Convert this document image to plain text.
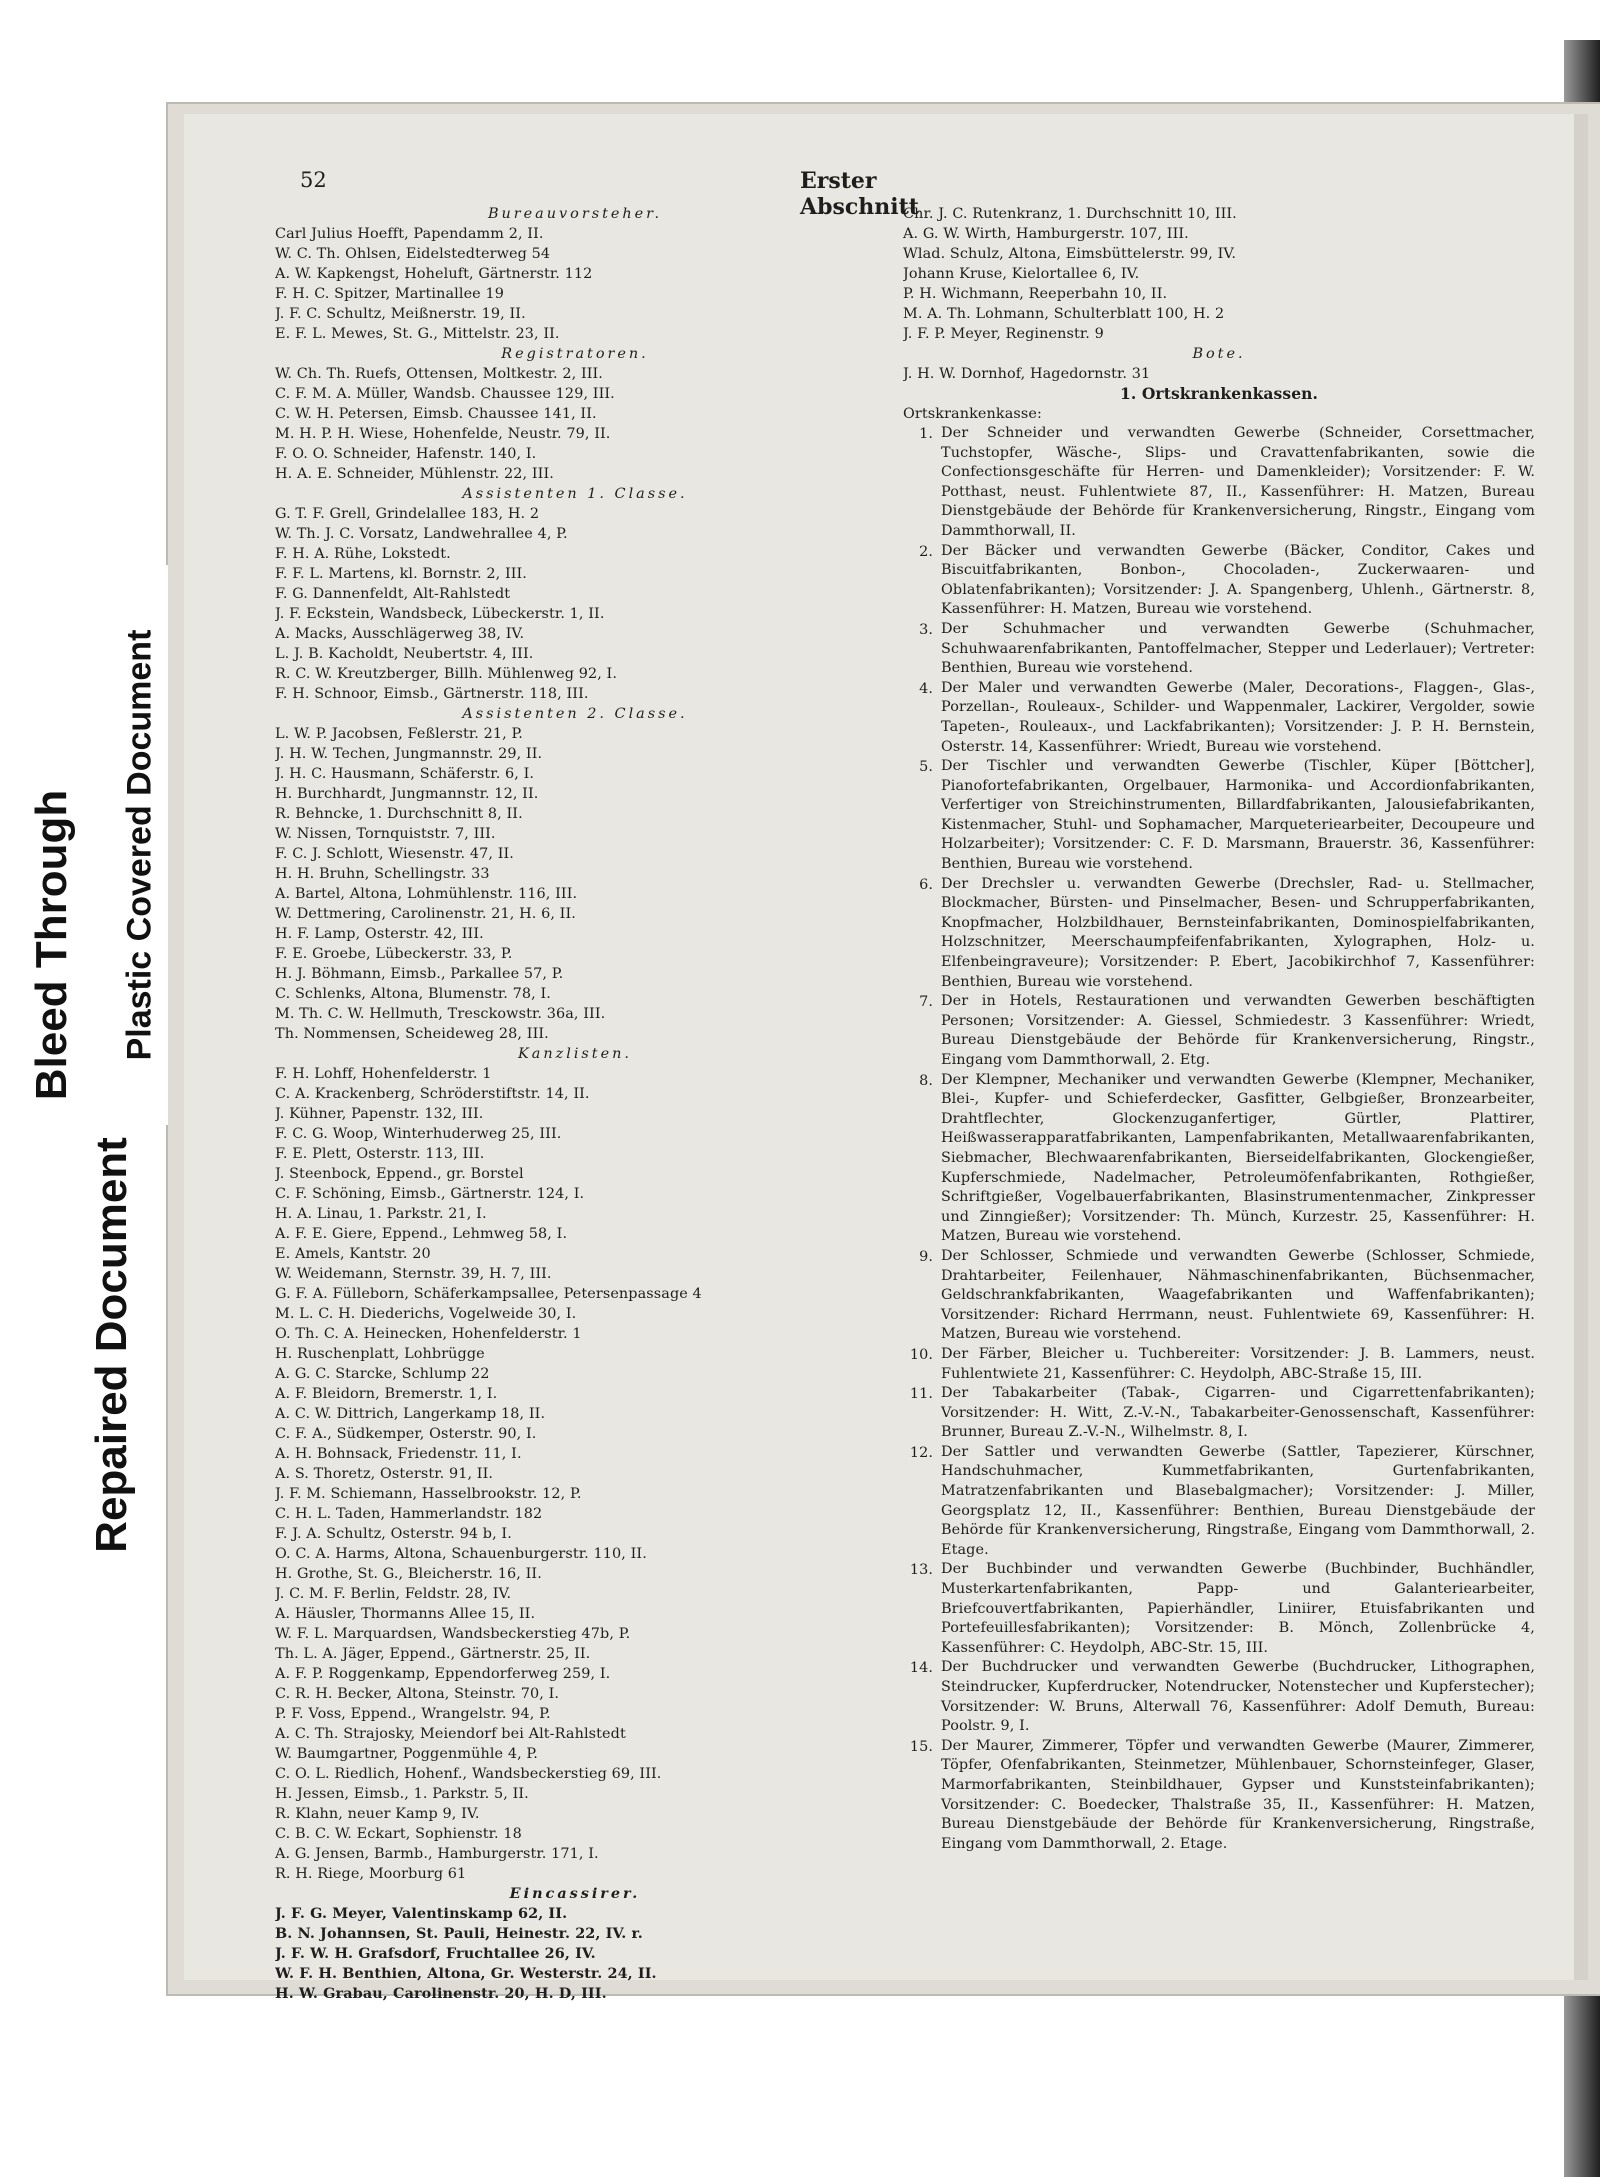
Bleed Through
Repaired Document
Plastic Covered Document
52	Erster Abschnitt
Bureauvorsteher.
Carl Julius Hoefft, Papendamm 2, II.
W. C. Th. Ohlsen, Eidelstedterweg 54
A. W. Kapkengst, Hoheluft, Gärtnerstr. 112
F. H. C. Spitzer, Martinallee 19
J. F. C. Schultz, Meißnerstr. 19, II.
E. F. L. Mewes, St. G., Mittelstr. 23, II.
Registratoren.
W. Ch. Th. Ruefs, Ottensen, Moltkestr. 2, III.
C. F. M. A. Müller, Wandsb. Chaussee 129, III.
C. W. H. Petersen, Eimsb. Chaussee 141, II.
M. H. P. H. Wiese, Hohenfelde, Neustr. 79, II.
F. O. O. Schneider, Hafenstr. 140, I.
H. A. E. Schneider, Mühlenstr. 22, III.
Assistenten 1. Classe.
G. T. F. Grell, Grindelallee 183, H. 2
W. Th. J. C. Vorsatz, Landwehrallee 4, P.
F. H. A. Rühe, Lokstedt.
F. F. L. Martens, kl. Bornstr. 2, III.
F. G. Dannenfeldt, Alt-Rahlstedt
J. F. Eckstein, Wandsbeck, Lübeckerstr. 1, II.
A. Macks, Ausschlägerweg 38, IV.
L. J. B. Kacholdt, Neubertstr. 4, III.
R. C. W. Kreutzberger, Billh. Mühlenweg 92, I.
F. H. Schnoor, Eimsb., Gärtnerstr. 118, III.
Assistenten 2. Classe.
L. W. P. Jacobsen, Feßlerstr. 21, P.
J. H. W. Techen, Jungmannstr. 29, II.
J. H. C. Hausmann, Schäferstr. 6, I.
H. Burchhardt, Jungmannstr. 12, II.
R. Behncke, 1. Durchschnitt 8, II.
W. Nissen, Tornquiststr. 7, III.
F. C. J. Schlott, Wiesenstr. 47, II.
H. H. Bruhn, Schellingstr. 33
A. Bartel, Altona, Lohmühlenstr. 116, III.
W. Dettmering, Carolinenstr. 21, H. 6, II.
H. F. Lamp, Osterstr. 42, III.
F. E. Groebe, Lübeckerstr. 33, P.
H. J. Böhmann, Eimsb., Parkallee 57, P.
C. Schlenks, Altona, Blumenstr. 78, I.
M. Th. C. W. Hellmuth, Tresckowstr. 36a, III.
Th. Nommensen, Scheideweg 28, III.
Kanzlisten.
F. H. Lohff, Hohenfelderstr. 1
C. A. Krackenberg, Schröderstiftstr. 14, II.
J. Kühner, Papenstr. 132, III.
F. C. G. Woop, Winterhuderweg 25, III.
F. E. Plett, Osterstr. 113, III.
J. Steenbock, Eppend., gr. Borstel
C. F. Schöning, Eimsb., Gärtnerstr. 124, I.
H. A. Linau, 1. Parkstr. 21, I.
A. F. E. Giere, Eppend., Lehmweg 58, I.
E. Amels, Kantstr. 20
W. Weidemann, Sternstr. 39, H. 7, III.
G. F. A. Fülleborn, Schäferkampsallee, Petersenpassage 4
M. L. C. H. Diederichs, Vogelweide 30, I.
O. Th. C. A. Heinecken, Hohenfelderstr. 1
H. Ruschenplatt, Lohbrügge
A. G. C. Starcke, Schlump 22
A. F. Bleidorn, Bremerstr. 1, I.
A. C. W. Dittrich, Langerkamp 18, II.
C. F. A., Südkemper, Osterstr. 90, I.
A. H. Bohnsack, Friedenstr. 11, I.
A. S. Thoretz, Osterstr. 91, II.
J. F. M. Schiemann, Hasselbrookstr. 12, P.
C. H. L. Taden, Hammerlandstr. 182
F. J. A. Schultz, Osterstr. 94 b, I.
O. C. A. Harms, Altona, Schauenburgerstr. 110, II.
H. Grothe, St. G., Bleicherstr. 16, II.
J. C. M. F. Berlin, Feldstr. 28, IV.
A. Häusler, Thormanns Allee 15, II.
W. F. L. Marquardsen, Wandsbeckerstieg 47b, P.
Th. L. A. Jäger, Eppend., Gärtnerstr. 25, II.
A. F. P. Roggenkamp, Eppendorferweg 259, I.
C. R. H. Becker, Altona, Steinstr. 70, I.
P. F. Voss, Eppend., Wrangelstr. 94, P.
A. C. Th. Strajosky, Meiendorf bei Alt-Rahlstedt
W. Baumgartner, Poggenmühle 4, P.
C. O. L. Riedlich, Hohenf., Wandsbeckerstieg 69, III.
H. Jessen, Eimsb., 1. Parkstr. 5, II.
R. Klahn, neuer Kamp 9, IV.
C. B. C. W. Eckart, Sophienstr. 18
A. G. Jensen, Barmb., Hamburgerstr. 171, I.
R. H. Riege, Moorburg 61
Eincassirer.
J. F. G. Meyer, Valentinskamp 62, II.
B. N. Johannsen, St. Pauli, Heinestr. 22, IV. r.
J. F. W. H. Grafsdorf, Fruchtallee 26, IV.
W. F. H. Benthien, Altona, Gr. Westerstr. 24, II.
H. W. Grabau, Carolinenstr. 20, H. D, III.
Chr. J. C. Rutenkranz, 1. Durchschnitt 10, III.
A. G. W. Wirth, Hamburgerstr. 107, III.
Wlad. Schulz, Altona, Eimsbüttelerstr. 99, IV.
Johann Kruse, Kielortallee 6, IV.
P. H. Wichmann, Reeperbahn 10, II.
M. A. Th. Lohmann, Schulterblatt 100, H. 2
J. F. P. Meyer, Reginenstr. 9
Bote.
J. H. W. Dornhof, Hagedornstr. 31
1. Ortskrankenkassen.
Ortskrankenkasse:
1. Der Schneider und verwandten Gewerbe (Schneider, Corsettmacher, Tuchstopfer, Wäsche-, Slips- und Cravattenfabrikanten, sowie die Confectionsgeschäfte für Herren- und Damenkleider); Vorsitzender: F. W. Potthast, neust. Fuhlentwiete 87, II., Kassenführer: H. Matzen, Bureau Dienstgebäude der Behörde für Krankenversicherung, Ringstr., Eingang vom Dammthorwall, II.
2. Der Bäcker und verwandten Gewerbe (Bäcker, Conditor, Cakes und Biscuitfabrikanten, Bonbon-, Chocoladen-, Zuckerwaaren- und Oblatenfabrikanten); Vorsitzender: J. A. Spangenberg, Uhlenh., Gärtnerstr. 8, Kassenführer: H. Matzen, Bureau wie vorstehend.
3. Der Schuhmacher und verwandten Gewerbe (Schuhmacher, Schuhwaarenfabrikanten, Pantoffelmacher, Stepper und Lederlauer); Vertreter: Benthien, Bureau wie vorstehend.
4. Der Maler und verwandten Gewerbe (Maler, Decorations-, Flaggen-, Glas-, Porzellan-, Rouleaux-, Schilder- und Wappenmaler, Lackirer, Vergolder, sowie Tapeten-, Rouleaux-, und Lackfabrikanten); Vorsitzender: J. P. H. Bernstein, Osterstr. 14, Kassenführer: Wriedt, Bureau wie vorstehend.
5. Der Tischler und verwandten Gewerbe (Tischler, Küper [Böttcher], Pianofortefabrikanten, Orgelbauer, Harmonika- und Accordionfabrikanten, Verfertiger von Streichinstrumenten, Billardfabrikanten, Jalousiefabrikanten, Kistenmacher, Stuhl- und Sophamacher, Marqueteriearbeiter, Decoupeure und Holzarbeiter); Vorsitzender: C. F. D. Marsmann, Brauerstr. 36, Kassenführer: Benthien, Bureau wie vorstehend.
6. Der Drechsler u. verwandten Gewerbe (Drechsler, Rad- u. Stellmacher, Blockmacher, Bürsten- und Pinselmacher, Besen- und Schrupperfabrikanten, Knopfmacher, Holzbildhauer, Bernsteinfabrikanten, Dominospielfabrikanten, Holzschnitzer, Meerschaumpfeifenfabrikanten, Xylographen, Holz- u. Elfenbeingraveure); Vorsitzender: P. Ebert, Jacobikirchhof 7, Kassenführer: Benthien, Bureau wie vorstehend.
7. Der in Hotels, Restaurationen und verwandten Gewerben beschäftigten Personen; Vorsitzender: A. Giessel, Schmiedestr. 3 Kassenführer: Wriedt, Bureau Dienstgebäude der Behörde für Krankenversicherung, Ringstr., Eingang vom Dammthorwall, 2. Etg.
8. Der Klempner, Mechaniker und verwandten Gewerbe (Klempner, Mechaniker, Blei-, Kupfer- und Schieferdecker, Gasfitter, Gelbgießer, Bronzearbeiter, Drahtflechter, Glockenzuganfertiger, Gürtler, Plattirer, Heißwasserapparatfabrikanten, Lampenfabrikanten, Metallwaarenfabrikanten, Siebmacher, Blechwaarenfabrikanten, Bierseidelfabrikanten, Glockengießer, Kupferschmiede, Nadelmacher, Petroleumöfenfabrikanten, Rothgießer, Schriftgießer, Vogelbauerfabrikanten, Blasinstrumentenmacher, Zinkpresser und Zinngießer); Vorsitzender: Th. Münch, Kurzestr. 25, Kassenführer: H. Matzen, Bureau wie vorstehend.
9. Der Schlosser, Schmiede und verwandten Gewerbe (Schlosser, Schmiede, Drahtarbeiter, Feilenhauer, Nähmaschinenfabrikanten, Büchsenmacher, Geldschrankfabrikanten, Waagefabrikanten und Waffenfabrikanten); Vorsitzender: Richard Herrmann, neust. Fuhlentwiete 69, Kassenführer: H. Matzen, Bureau wie vorstehend.
10. Der Färber, Bleicher u. Tuchbereiter: Vorsitzender: J. B. Lammers, neust. Fuhlentwiete 21, Kassenführer: C. Heydolph, ABC-Straße 15, III.
11. Der Tabakarbeiter (Tabak-, Cigarren- und Cigarrettenfabrikanten); Vorsitzender: H. Witt, Z.-V.-N., Tabakarbeiter-Genossenschaft, Kassenführer: Brunner, Bureau Z.-V.-N., Wilhelmstr. 8, I.
12. Der Sattler und verwandten Gewerbe (Sattler, Tapezierer, Kürschner, Handschuhmacher, Kummetfabrikanten, Gurtenfabrikanten, Matratzenfabrikanten und Blasebalgmacher); Vorsitzender: J. Miller, Georgsplatz 12, II., Kassenführer: Benthien, Bureau Dienstgebäude der Behörde für Krankenversicherung, Ringstraße, Eingang vom Dammthorwall, 2. Etage.
13. Der Buchbinder und verwandten Gewerbe (Buchbinder, Buchhändler, Musterkartenfabrikanten, Papp- und Galanteriearbeiter, Briefcouvertfabrikanten, Papierhändler, Liniirer, Etuisfabrikanten und Portefeuillesfabrikanten); Vorsitzender: B. Mönch, Zollenbrücke 4, Kassenführer: C. Heydolph, ABC-Str. 15, III.
14. Der Buchdrucker und verwandten Gewerbe (Buchdrucker, Lithographen, Steindrucker, Kupferdrucker, Notendrucker, Notenstecher und Kupferstecher); Vorsitzender: W. Bruns, Alterwall 76, Kassenführer: Adolf Demuth, Bureau: Poolstr. 9, I.
15. Der Maurer, Zimmerer, Töpfer und verwandten Gewerbe (Maurer, Zimmerer, Töpfer, Ofenfabrikanten, Steinmetzer, Mühlenbauer, Schornsteinfeger, Glaser, Marmorfabrikanten, Steinbildhauer, Gypser und Kunststeinfabrikanten); Vorsitzender: C. Boedecker, Thalstraße 35, II., Kassenführer: H. Matzen, Bureau Dienstgebäude der Behörde für Krankenversicherung, Ringstraße, Eingang vom Dammthorwall, 2. Etage.
